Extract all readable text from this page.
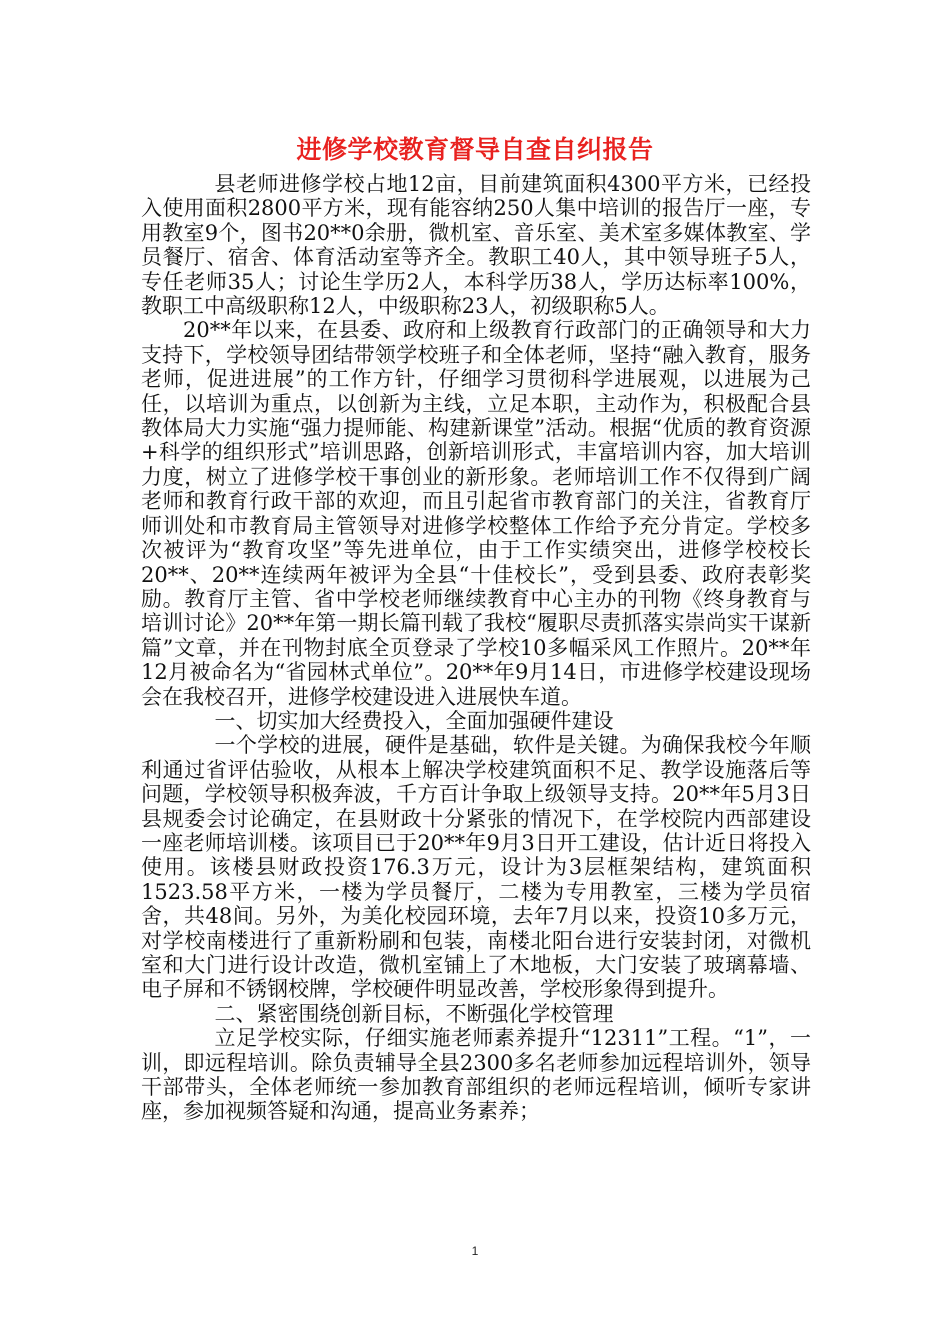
进修学校教育督导自查自纠报告

县老师进修学校占地12亩，目前建筑面积4300平方米，已经投入使用面积2800平方米，现有能容纳250人集中培训的报告厅一座，专用教室9个，图书20**0余册，微机室、音乐室、美术室多媒体教室、学员餐厅、宿舍、体育活动室等齐全。教职工40人，其中领导班子5人，专任老师35人；讨论生学历2人，本科学历38人，学历达标率100%，教职工中高级职称12人，中级职称23人，初级职称5人。

20**年以来，在县委、政府和上级教育行政部门的正确领导和大力支持下，学校领导团结带领学校班子和全体老师，坚持“融入教育，服务老师，促进进展”的工作方针，仔细学习贯彻科学进展观，以进展为己任，以培训为重点，以创新为主线，立足本职，主动作为，积极配合县教体局大力实施“强力提师能、构建新课堂”活动。根据“优质的教育资源+科学的组织形式”培训思路，创新培训形式，丰富培训内容，加大培训力度，树立了进修学校干事创业的新形象。老师培训工作不仅得到广阔老师和教育行政干部的欢迎，而且引起省市教育部门的关注，省教育厅师训处和市教育局主管领导对进修学校整体工作给予充分肯定。学校多次被评为“教育攻坚”等先进单位，由于工作实绩突出，进修学校校长20**、20**连续两年被评为全县“十佳校长”，受到县委、政府表彰奖励。教育厅主管、省中学校老师继续教育中心主办的刊物《终身教育与培训讨论》20**年第一期长篇刊载了我校“履职尽责抓落实崇尚实干谋新篇”文章，并在刊物封底全页登录了学校10多幅采风工作照片。20**年12月被命名为“省园林式单位”。20**年9月14日，市进修学校建设现场会在我校召开，进修学校建设进入进展快车道。

一、切实加大经费投入，全面加强硬件建设

一个学校的进展，硬件是基础，软件是关键。为确保我校今年顺利通过省评估验收，从根本上解决学校建筑面积不足、教学设施落后等问题，学校领导积极奔波，千方百计争取上级领导支持。20**年5月3日县规委会讨论确定，在县财政十分紧张的情况下，在学校院内西部建设一座老师培训楼。该项目已于20**年9月3日开工建设，估计近日将投入使用。该楼县财政投资176.3万元，设计为3层框架结构，建筑面积1523.58平方米，一楼为学员餐厅，二楼为专用教室，三楼为学员宿舍，共48间。另外，为美化校园环境，去年7月以来，投资10多万元，对学校南楼进行了重新粉刷和包装，南楼北阳台进行安装封闭，对微机室和大门进行设计改造，微机室铺上了木地板，大门安装了玻璃幕墙、电子屏和不锈钢校牌，学校硬件明显改善，学校形象得到提升。

二、紧密围绕创新目标，不断强化学校管理

立足学校实际，仔细实施老师素养提升“12311”工程。“1”，一训，即远程培训。除负责辅导全县2300多名老师参加远程培训外，领导干部带头，全体老师统一参加教育部组织的老师远程培训，倾听专家讲座，参加视频答疑和沟通，提高业务素养；

1
